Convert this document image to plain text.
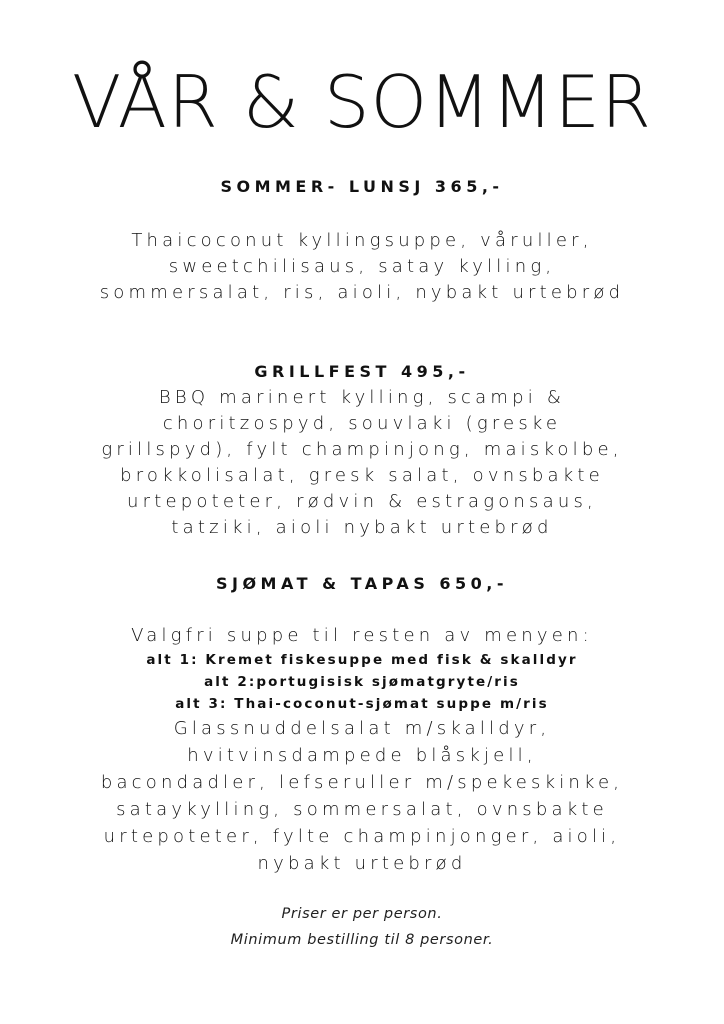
VÅR & SOMMER
SOMMER- LUNSJ 365,-
Thaicoconut kyllingsuppe, våruller,
sweetchilisaus, satay kylling,
sommersalat, ris, aioli, nybakt urtebrød
GRILLFEST 495,-
BBQ marinert kylling, scampi &
choritzospyd, souvlaki (greske
grillspyd), fylt champinjong, maiskolbe,
brokkolisalat, gresk salat, ovnsbakte
urtepoteter, rødvin & estragonsaus,
tatziki, aioli nybakt urtebrød
SJØMAT & TAPAS 650,-
Valgfri suppe til resten av menyen:
alt 1: Kremet fiskesuppe med fisk & skalldyr
alt 2:portugisisk sjømatgryte/ris
alt 3: Thai-coconut-sjømat suppe m/ris
Glassnuddelsalat m/skalldyr,
hvitvinsdampede blåskjell,
bacondadler, lefseruller m/spekeskinke,
sataykylling, sommersalat, ovnsbakte
urtepoteter, fylte champinjonger, aioli,
nybakt urtebrød
Priser er per person.
Minimum bestilling til 8 personer.
